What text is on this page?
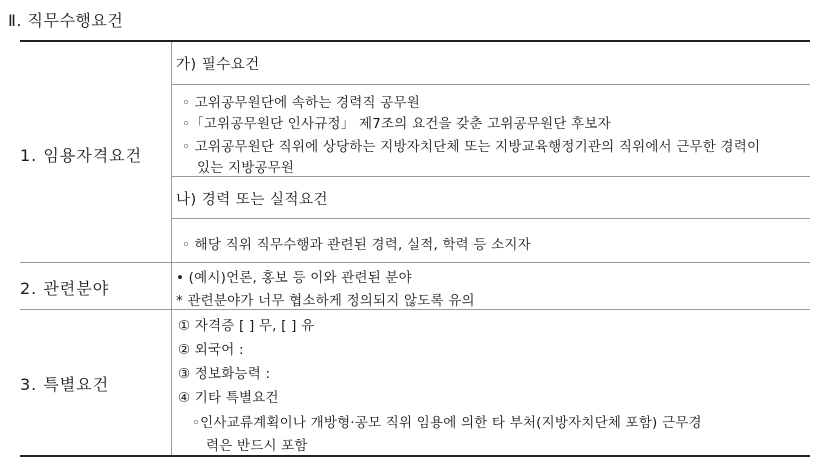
Ⅱ. 직무수행요건
1. 임용자격요건
2. 관련분야
3. 특별요건
가) 필수요건
◦ 고위공무원단에 속하는 경력직 공무원
◦「고위공무원단 인사규정」 제7조의 요건을 갖춘 고위공무원단 후보자
◦ 고위공무원단 직위에 상당하는 지방자치단체 또는 지방교육행정기관의 직위에서 근무한 경력이
있는 지방공무원
나) 경력 또는 실적요건
◦ 해당 직위 직무수행과 관련된 경력, 실적, 학력 등 소지자
• (예시)언론, 홍보 등 이와 관련된 분야
* 관련분야가 너무 협소하게 정의되지 않도록 유의
① 자격증 [ ] 무, [ ] 유
② 외국어 :
③ 정보화능력 :
④ 기타 특별요건
◦인사교류계획이나 개방형·공모 직위 임용에 의한 타 부처(지방자치단체 포함) 근무경
력은 반드시 포함
